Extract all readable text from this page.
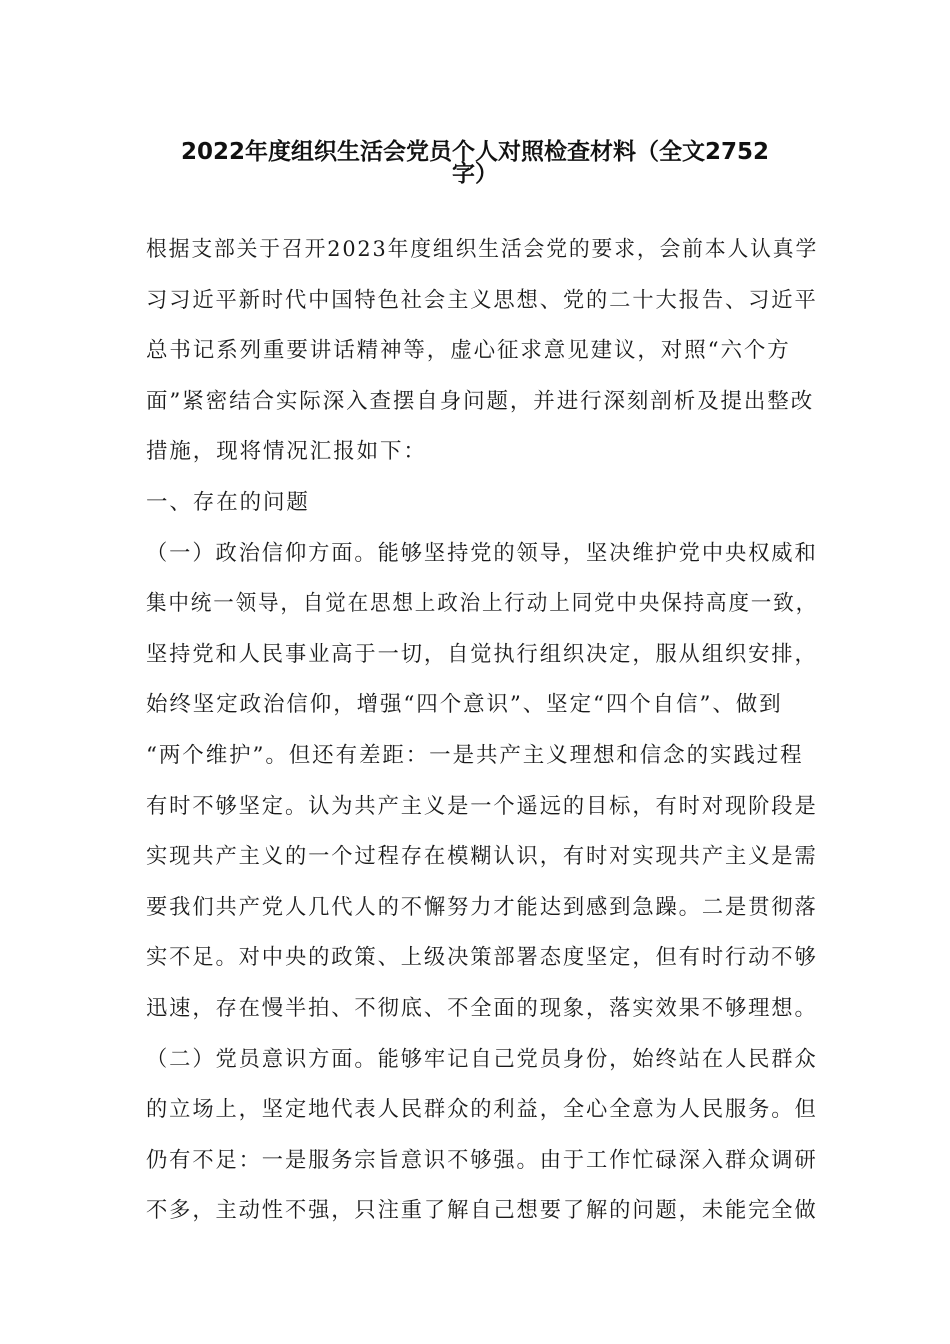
2022年度组织生活会党员个人对照检查材料（全文2752
字）
根据支部关于召开2023年度组织生活会党的要求，会前本人认真学
习习近平新时代中国特色社会主义思想、党的二十大报告、习近平
总书记系列重要讲话精神等，虚心征求意见建议，对照“六个方
面”紧密结合实际深入查摆自身问题，并进行深刻剖析及提出整改
措施，现将情况汇报如下：
一、存在的问题
（一）政治信仰方面。能够坚持党的领导，坚决维护党中央权威和
集中统一领导，自觉在思想上政治上行动上同党中央保持高度一致，
坚持党和人民事业高于一切，自觉执行组织决定，服从组织安排，
始终坚定政治信仰，增强“四个意识”、坚定“四个自信”、做到
“两个维护”。但还有差距：一是共产主义理想和信念的实践过程
有时不够坚定。认为共产主义是一个遥远的目标，有时对现阶段是
实现共产主义的一个过程存在模糊认识，有时对实现共产主义是需
要我们共产党人几代人的不懈努力才能达到感到急躁。二是贯彻落
实不足。对中央的政策、上级决策部署态度坚定，但有时行动不够
迅速，存在慢半拍、不彻底、不全面的现象，落实效果不够理想。
（二）党员意识方面。能够牢记自己党员身份，始终站在人民群众
的立场上，坚定地代表人民群众的利益，全心全意为人民服务。但
仍有不足：一是服务宗旨意识不够强。由于工作忙碌深入群众调研
不多，主动性不强，只注重了解自己想要了解的问题，未能完全做
